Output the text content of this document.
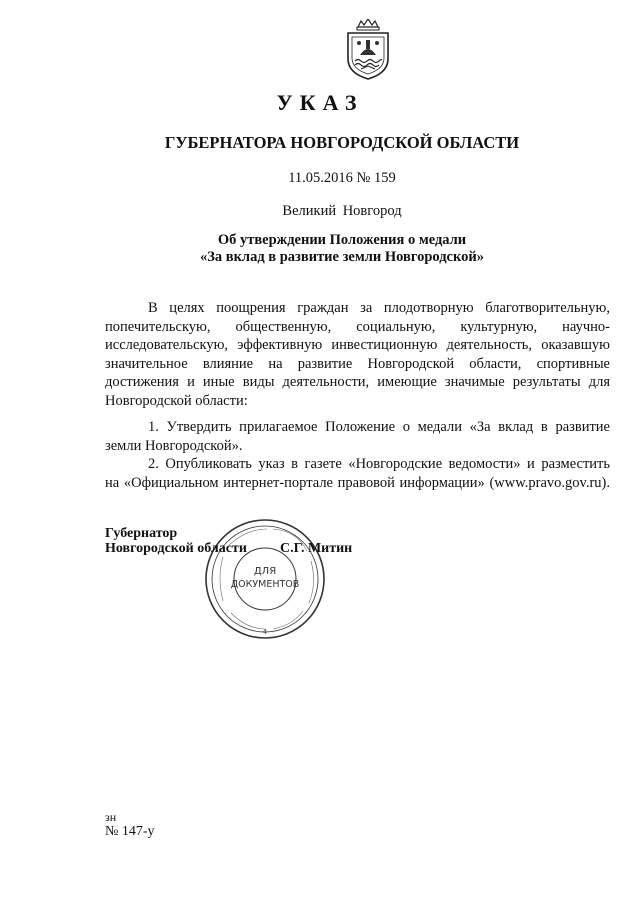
УКАЗ
ГУБЕРНАТОРА НОВГОРОДСКОЙ ОБЛАСТИ
11.05.2016 № 159
Великий Новгород
Об утверждении Положения о медали
«За вклад в развитие земли Новгородской»
В целях поощрения граждан за плодотворную благотворительную,
попечительскую, общественную, социальную, культурную, научно-
исследовательскую, эффективную инвестиционную деятельность, оказавшую
значительное влияние на развитие Новгородской области, спортивные
достижения и иные виды деятельности, имеющие значимые результаты для
Новгородской области:
1. Утвердить прилагаемое Положение о медали «За вклад в развитие
земли Новгородской».
2. Опубликовать указ в газете «Новгородские ведомости» и разместить
на «Официальном интернет-портале правовой информации» (www.pravo.gov.ru).
ДЛЯ
ДОКУМЕНТОВ
4
Губернатор
Новгородской области С.Г. Митин
зн
№ 147-у
